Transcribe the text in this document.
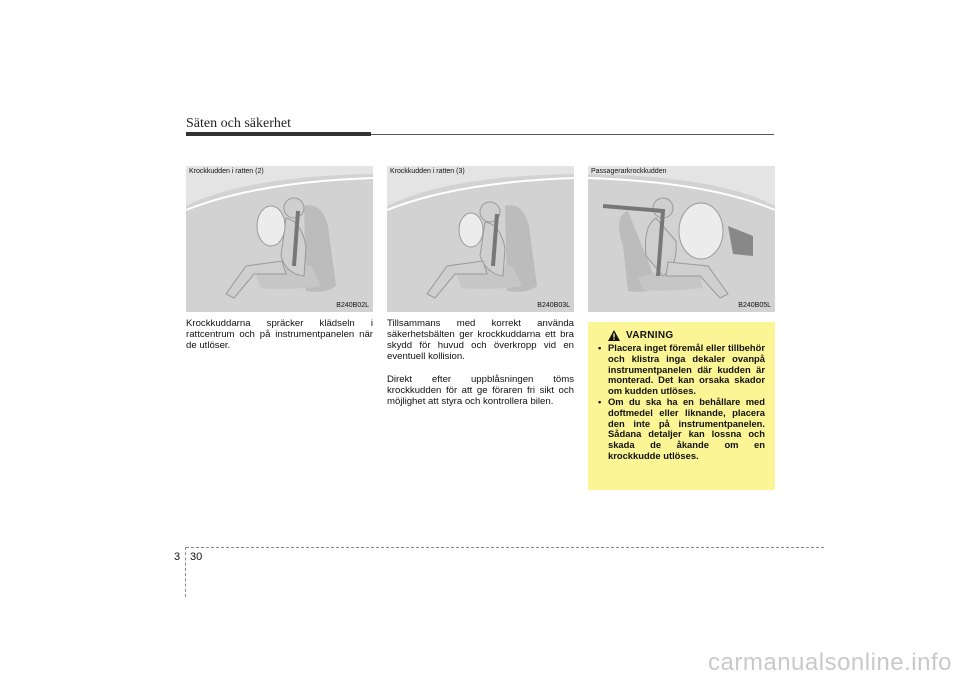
Säten och säkerhet
Krockkudden i ratten (2)
B240B02L
Krockkudden i ratten (3)
B240B03L
Passagerarkrockkudden
B240B05L

Krockkuddarna spräcker klädseln i rattcentrum och på instrumentpanelen när de utlöser.

Tillsammans med korrekt använda säkerhetsbälten ger krockkuddarna ett bra skydd för huvud och överkropp vid en eventuell kollision.

Direkt efter uppblåsningen töms krockkudden för att ge föraren fri sikt och möjlighet att styra och kontrollera bilen.

VARNING
• Placera inget föremål eller tillbehör och klistra inga dekaler ovanpå instrumentpanelen där kudden är monterad. Det kan orsaka skador om kudden utlöses.
• Om du ska ha en behållare med doftmedel eller liknande, placera den inte på instrumentpanelen. Sådana detaljer kan lossna och skada de åkande om en krockkudde utlöses.
3 30
carmanualsonline.info
